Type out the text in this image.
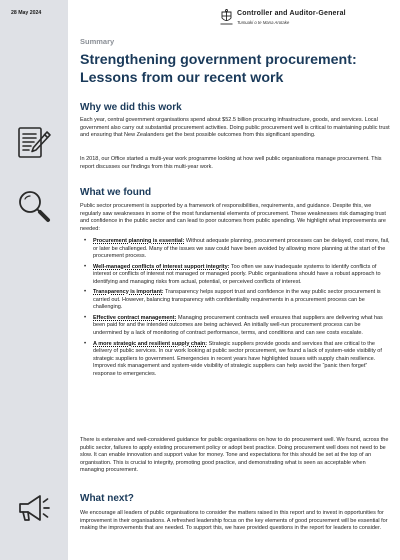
28 May 2024	Controller and Auditor-General
Tumuaki o te Mana Arotake
Summary
Strengthening government procurement: Lessons from our recent work
Why we did this work

Each year, central government organisations spend about $52.5 billion procuring infrastructure, goods, and services. Local government also carry out substantial procurement activities. Doing public procurement well is critical to maintaining public trust and ensuring that New Zealanders get the best possible outcomes from this significant spending.

In 2018, our Office started a multi-year work programme looking at how well public organisations manage procurement. This report discusses our findings from this multi-year work.

What we found

Public sector procurement is supported by a framework of responsibilities, requirements, and guidance. Despite this, we regularly saw weaknesses in some of the most fundamental elements of procurement. These weaknesses risk damaging trust and confidence in the public sector and can lead to poor outcomes from public spending. We highlight what improvements are needed:

• Procurement planning is essential: Without adequate planning, procurement processes can be delayed, cost more, fail, or later be challenged. Many of the issues we saw could have been avoided by allowing more planning at the start of the procurement process.
• Well-managed conflicts of interest support integrity: Too often we saw inadequate systems to identify conflicts of interest or conflicts of interest not managed or managed poorly. Public organisations should have a robust approach to identifying and managing risks from actual, potential, or perceived conflicts of interest.
• Transparency is important: Transparency helps support trust and confidence in the way public sector procurement is carried out. However, balancing transparency with confidentiality requirements in a procurement process can be challenging.
• Effective contract management: Managing procurement contracts well ensures that suppliers are delivering what has been paid for and the intended outcomes are being achieved. An initially well-run procurement process can be undermined by a lack of monitoring of contract performance, terms, and conditions and can see costs escalate.
• A more strategic and resilient supply chain: Strategic suppliers provide goods and services that are critical to the delivery of public services. In our work looking at public sector procurement, we found a lack of system-wide visibility of strategic suppliers to government. Emergencies in recent years have highlighted issues with supply chain resilience. Improved risk management and system-wide visibility of strategic suppliers can help avoid the “panic then forget” response to emergencies.

There is extensive and well-considered guidance for public organisations on how to do procurement well. We found, across the public sector, failures to apply existing procurement policy or adopt best practice. Doing procurement well does not need to be slow. It can enable innovation and support value for money. Tone and expectations for this should be set at the top of an organisation. This is crucial to integrity, promoting good practice, and demonstrating what is seen as acceptable when managing procurement.

What next?

We encourage all leaders of public organisations to consider the matters raised in this report and to invest in opportunities for improvement in their organisations. A refreshed leadership focus on the key elements of good procurement will be essential for making the improvements that are needed. To support this, we have provided questions in the report for leaders to consider.
